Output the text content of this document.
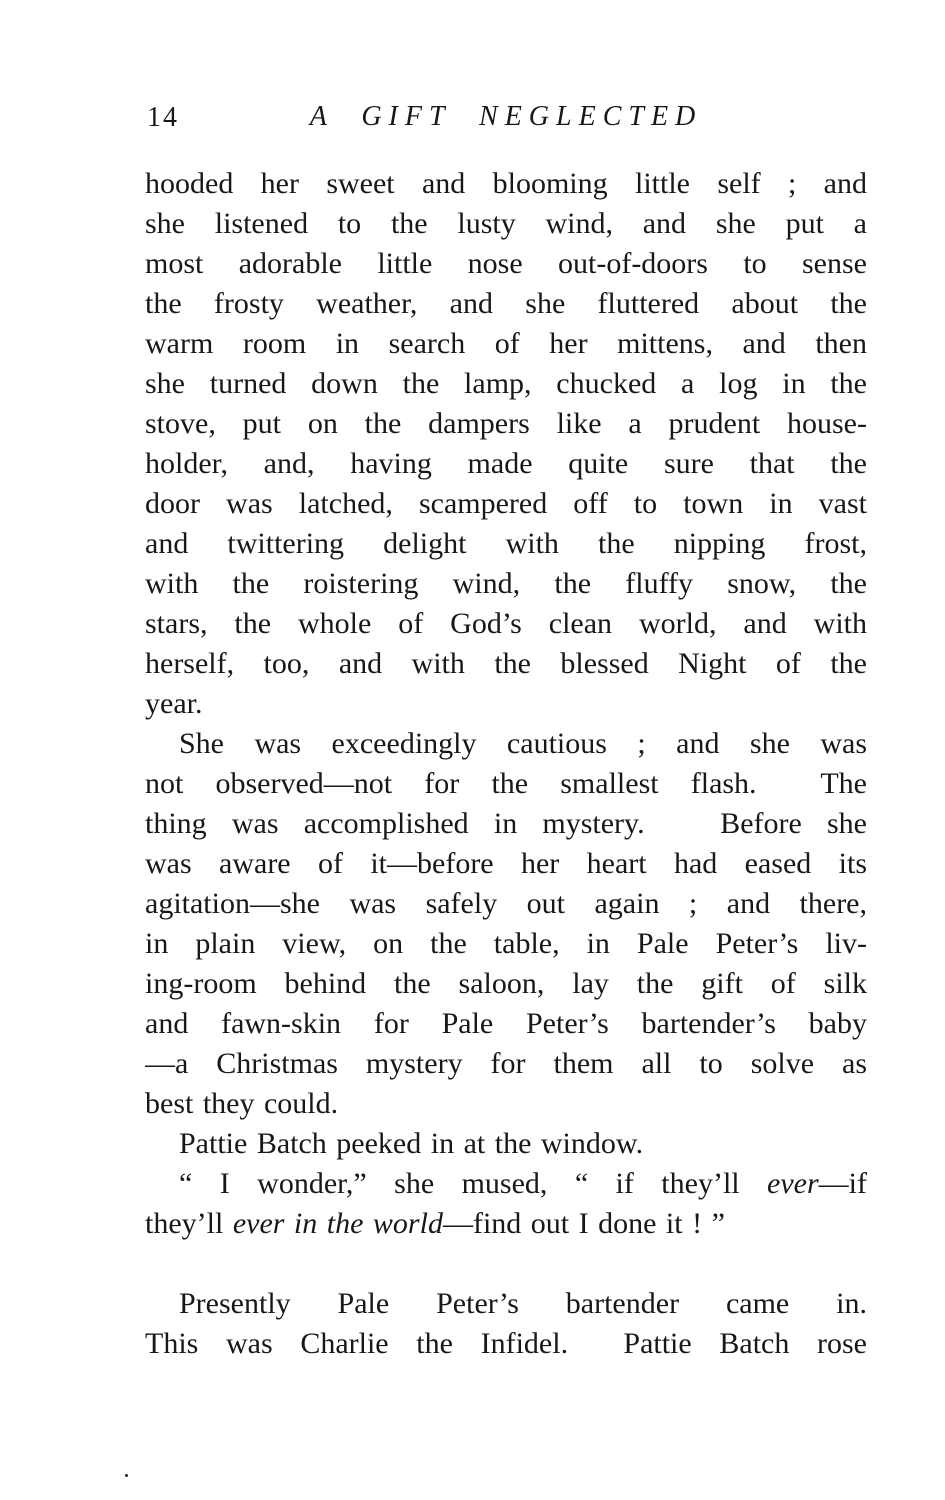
14	A GIFT NEGLECTED
hooded her sweet and blooming little self ; and
she listened to the lusty wind, and she put a
most adorable little nose out-of-doors to sense
the frosty weather, and she fluttered about the
warm room in search of her mittens, and then
she turned down the lamp, chucked a log in the
stove, put on the dampers like a prudent house-
holder, and, having made quite sure that the
door was latched, scampered off to town in vast
and twittering delight with the nipping frost,
with the roistering wind, the fluffy snow, the
stars, the whole of God’s clean world, and with
herself, too, and with the blessed Night of the
year.
She was exceedingly cautious ; and she was
not observed—not for the smallest flash.  The
thing was accomplished in mystery.   Before she
was aware of it—before her heart had eased its
agitation—she was safely out again ; and there,
in plain view, on the table, in Pale Peter’s liv-
ing-room behind the saloon, lay the gift of silk
and fawn-skin for Pale Peter’s bartender’s baby
—a Christmas mystery for them all to solve as
best they could.
Pattie Batch peeked in at the window.
“ I wonder,” she mused, “ if they’ll ever—if
they’ll ever in the world—find out I done it ! ”
Presently Pale Peter’s bartender came in.
This was Charlie the Infidel.  Pattie Batch rose
